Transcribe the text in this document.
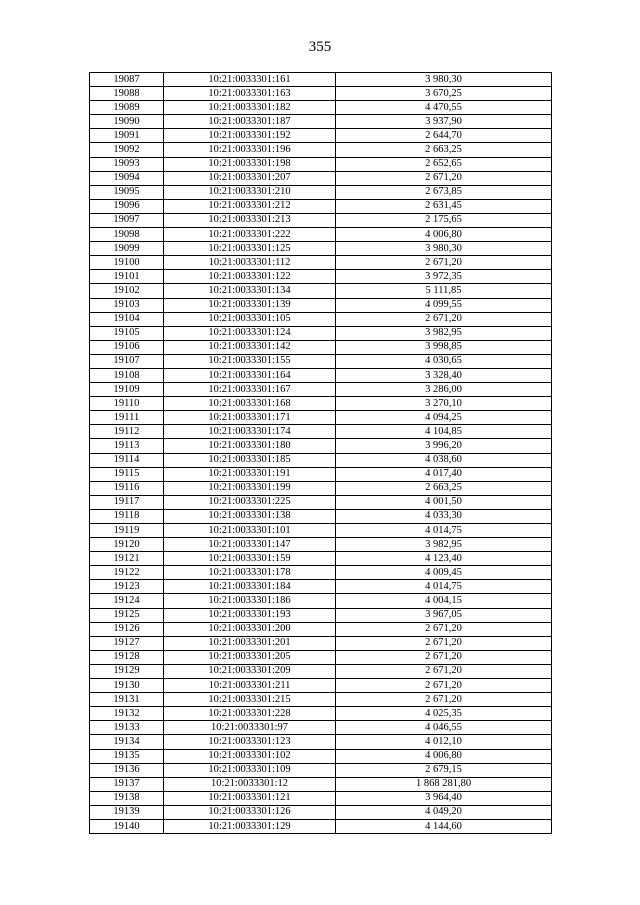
355
19087	10:21:0033301:161	3 980,30
19088	10:21:0033301:163	3 670,25
19089	10:21:0033301:182	4 470,55
19090	10:21:0033301:187	3 937,90
19091	10:21:0033301:192	2 644,70
19092	10:21:0033301:196	2 663,25
19093	10:21:0033301:198	2 652,65
19094	10:21:0033301:207	2 671,20
19095	10:21:0033301:210	2 673,85
19096	10:21:0033301:212	2 631,45
19097	10:21:0033301:213	2 175,65
19098	10:21:0033301:222	4 006,80
19099	10:21:0033301:125	3 980,30
19100	10:21:0033301:112	2 671,20
19101	10:21:0033301:122	3 972,35
19102	10:21:0033301:134	5 111,85
19103	10:21:0033301:139	4 099,55
19104	10:21:0033301:105	2 671,20
19105	10:21:0033301:124	3 982,95
19106	10:21:0033301:142	3 998,85
19107	10:21:0033301:155	4 030,65
19108	10:21:0033301:164	3 328,40
19109	10:21:0033301:167	3 286,00
19110	10:21:0033301:168	3 270,10
19111	10:21:0033301:171	4 094,25
19112	10:21:0033301:174	4 104,85
19113	10:21:0033301:180	3 996,20
19114	10:21:0033301:185	4 038,60
19115	10:21:0033301:191	4 017,40
19116	10:21:0033301:199	2 663,25
19117	10:21:0033301:225	4 001,50
19118	10:21:0033301:138	4 033,30
19119	10:21:0033301:101	4 014,75
19120	10:21:0033301:147	3 982,95
19121	10:21:0033301:159	4 123,40
19122	10:21:0033301:178	4 009,45
19123	10:21:0033301:184	4 014,75
19124	10:21:0033301:186	4 004,15
19125	10:21:0033301:193	3 967,05
19126	10:21:0033301:200	2 671,20
19127	10:21:0033301:201	2 671,20
19128	10:21:0033301:205	2 671,20
19129	10:21:0033301:209	2 671,20
19130	10:21:0033301:211	2 671,20
19131	10:21:0033301:215	2 671,20
19132	10:21:0033301:228	4 025,35
19133	10:21:0033301:97	4 046,55
19134	10:21:0033301:123	4 012,10
19135	10:21:0033301:102	4 006,80
19136	10:21:0033301:109	2 679,15
19137	10:21:0033301:12	1 868 281,80
19138	10:21:0033301:121	3 964,40
19139	10:21:0033301:126	4 049,20
19140	10:21:0033301:129	4 144,60
